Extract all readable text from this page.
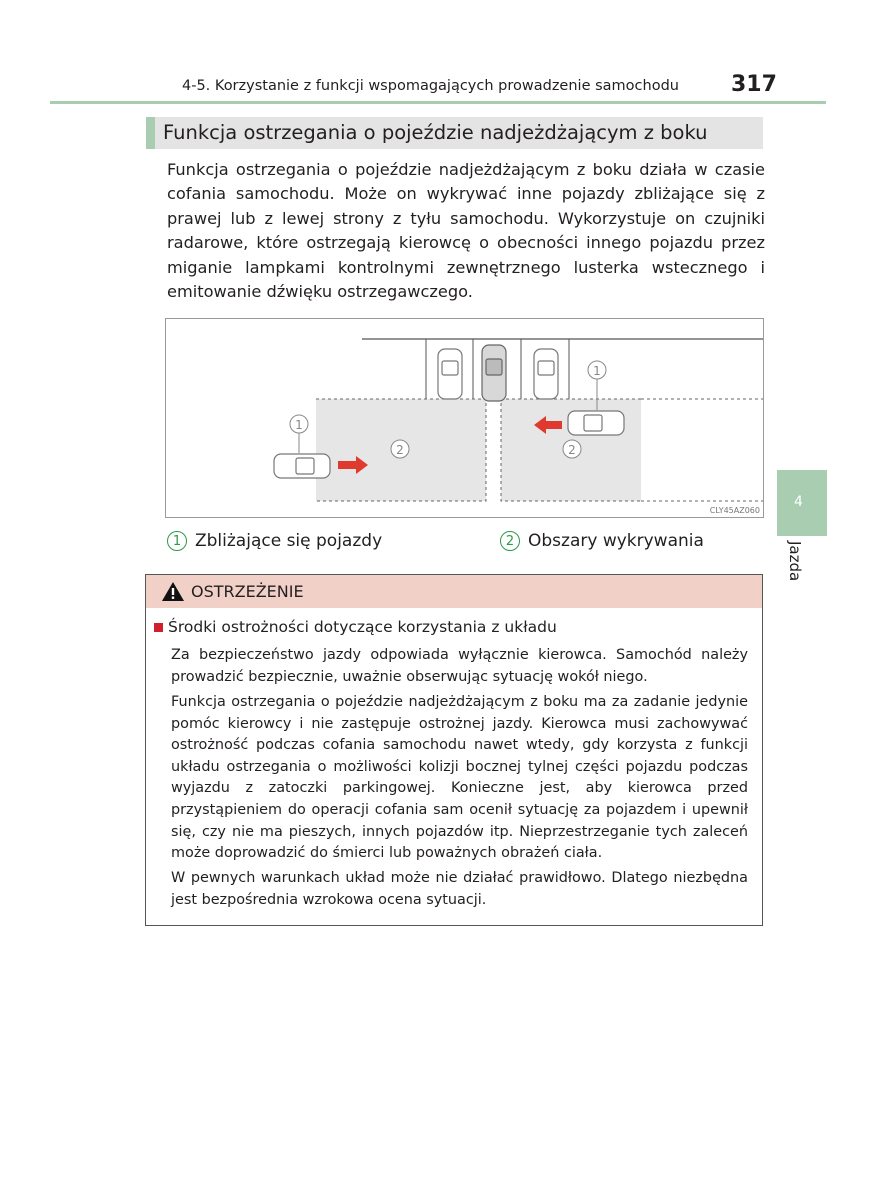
4-5. Korzystanie z funkcji wspomagających prowadzenie samochodu 317
Funkcja ostrzegania o pojeździe nadjeżdżającym z boku

Funkcja ostrzegania o pojeździe nadjeżdżającym z boku działa w czasie cofania samochodu. Może on wykrywać inne pojazdy zbliżające się z prawej lub z lewej strony z tyłu samochodu. Wykorzystuje on czujniki radarowe, które ostrzegają kierowcę o obecności innego pojazdu przez miganie lampkami kontrolnymi zewnętrznego lusterka wstecznego i emitowanie dźwięku ostrzegawczego.

1
2
1
2
CLY45AZ060
1 Zbliżające się pojazdy	2 Obszary wykrywania
4
Jazda
OSTRZEŻENIE
Środki ostrożności dotyczące korzystania z układu

Za bezpieczeństwo jazdy odpowiada wyłącznie kierowca. Samochód należy prowadzić bezpiecznie, uważnie obserwując sytuację wokół niego.

Funkcja ostrzegania o pojeździe nadjeżdżającym z boku ma za zadanie jedynie pomóc kierowcy i nie zastępuje ostrożnej jazdy. Kierowca musi zachowywać ostrożność podczas cofania samochodu nawet wtedy, gdy korzysta z funkcji układu ostrzegania o możliwości kolizji bocznej tylnej części pojazdu podczas wyjazdu z zatoczki parkingowej. Konieczne jest, aby kierowca przed przystąpieniem do operacji cofania sam ocenił sytuację za pojazdem i upewnił się, czy nie ma pieszych, innych pojazdów itp. Nieprzestrzeganie tych zaleceń może doprowadzić do śmierci lub poważnych obrażeń ciała.

W pewnych warunkach układ może nie działać prawidłowo. Dlatego niezbędna jest bezpośrednia wzrokowa ocena sytuacji.
